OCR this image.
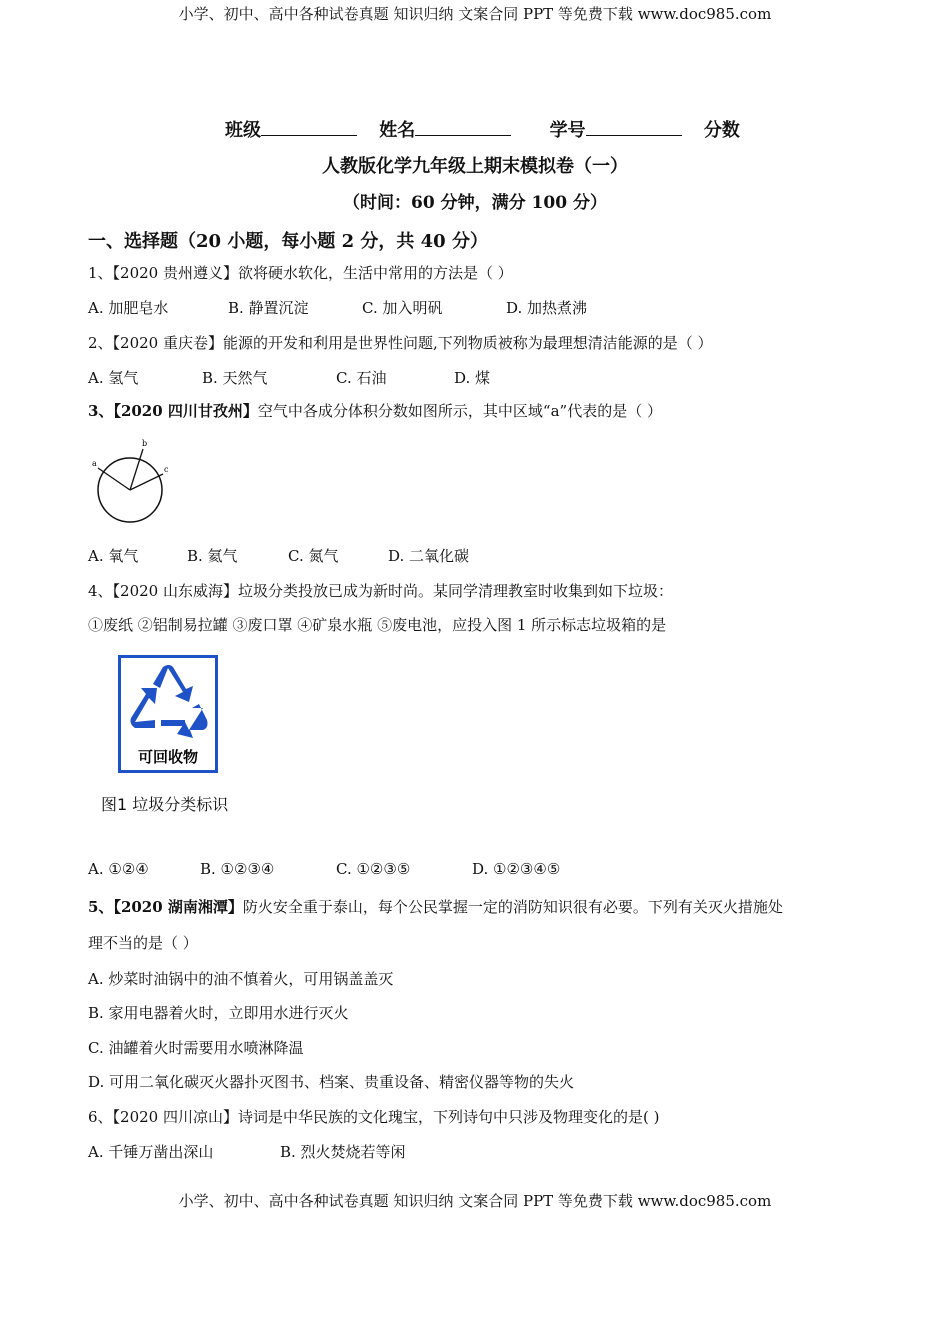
小学、初中、高中各种试卷真题 知识归纳 文案合同 PPT 等免费下载 www.doc985.com
班级	姓名	学号	分数
人教版化学九年级上期末模拟卷（一）
（时间：60 分钟，满分 100 分）
一、选择题（20 小题，每小题 2 分，共 40 分）
1、【2020 贵州遵义】欲将硬水软化，生活中常用的方法是（ ）
A. 加肥皂水	B. 静置沉淀	C. 加入明矾	D. 加热煮沸
2、【2020 重庆卷】能源的开发和利用是世界性问题,下列物质被称为最理想清洁能源的是（ ）
A. 氢气	B. 天然气	C. 石油	D. 煤
3、【2020 四川甘孜州】空气中各成分体积分数如图所示，其中区域“a”代表的是（ ）
a
b
c
A. 氧气	B. 氦气	C. 氮气	D. 二氧化碳
4、【2020 山东威海】垃圾分类投放已成为新时尚。某同学清理教室时收集到如下垃圾：
①废纸 ②铝制易拉罐 ③废口罩 ④矿泉水瓶 ⑤废电池，应投入图 1 所示标志垃圾箱的是
可回收物
图1 垃圾分类标识
A. ①②④	B. ①②③④	C. ①②③⑤	D. ①②③④⑤
5、【2020 湖南湘潭】防火安全重于泰山，每个公民掌握一定的消防知识很有必要。下列有关灭火措施处
理不当的是（ ）
A. 炒菜时油锅中的油不慎着火，可用锅盖盖灭
B. 家用电器着火时，立即用水进行灭火
C. 油罐着火时需要用水喷淋降温
D. 可用二氧化碳灭火器扑灭图书、档案、贵重设备、精密仪器等物的失火
6、【2020 四川凉山】诗词是中华民族的文化瑰宝，下列诗句中只涉及物理变化的是( )
A. 千锤万凿出深山	B. 烈火焚烧若等闲
小学、初中、高中各种试卷真题 知识归纳 文案合同 PPT 等免费下载 www.doc985.com
